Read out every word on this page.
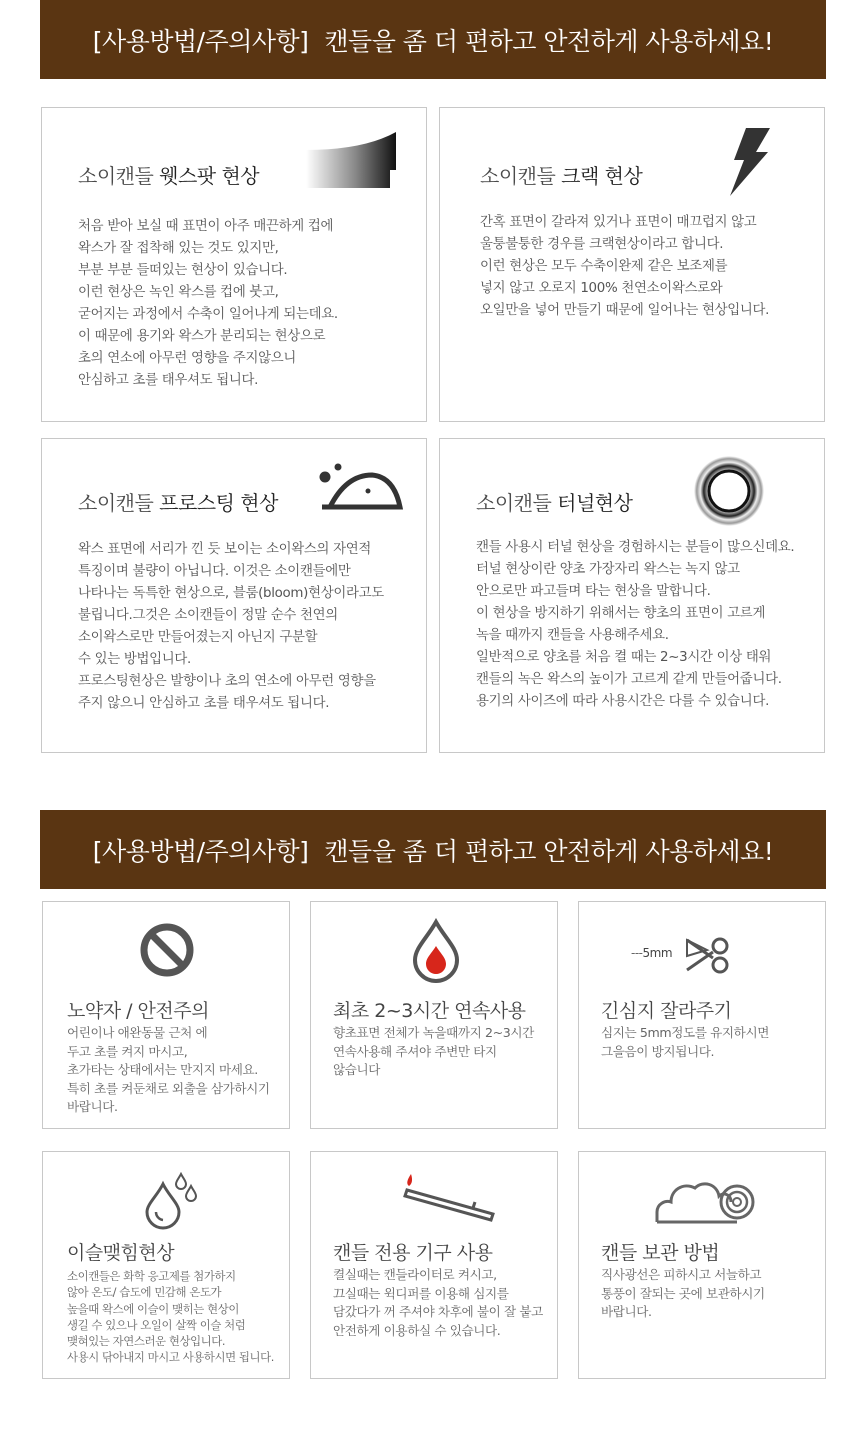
[사용방법/주의사항] 캔들을 좀 더 편하고 안전하게 사용하세요!
소이캔들 웻스팟 현상

처음 받아 보실 때 표면이 아주 매끈하게 컵에

왁스가 잘 접착해 있는 것도 있지만,

부분 부분 들떠있는 현상이 있습니다.

이런 현상은 녹인 왁스를 컵에 붓고,

굳어지는 과정에서 수축이 일어나게 되는데요.

이 때문에 용기와 왁스가 분리되는 현상으로

초의 연소에 아무런 영향을 주지않으니

안심하고 초를 태우셔도 됩니다.

소이캔들 크랙 현상

간혹 표면이 갈라져 있거나 표면이 매끄럽지 않고

울퉁불퉁한 경우를 크랙현상이라고 합니다.

이런 현상은 모두 수축이완제 같은 보조제를

넣지 않고 오로지 100% 천연소이왁스로와

오일만을 넣어 만들기 때문에 일어나는 현상입니다.

소이캔들 프로스팅 현상

왁스 표면에 서리가 낀 듯 보이는 소이왁스의 자연적

특징이며 불량이 아닙니다. 이것은 소이캔들에만

나타나는 독특한 현상으로, 블룸(bloom)현상이라고도

불립니다.그것은 소이캔들이 정말 순수 천연의

소이왁스로만 만들어졌는지 아닌지 구분할

수 있는 방법입니다.

프로스팅현상은 발향이나 초의 연소에 아무런 영향을

주지 않으니 안심하고 초를 태우셔도 됩니다.

소이캔들 터널현상

캔들 사용시 터널 현상을 경험하시는 분들이 많으신데요.

터널 현상이란 양초 가장자리 왁스는 녹지 않고

안으로만 파고들며 타는 현상을 말합니다.

이 현상을 방지하기 위해서는 향초의 표면이 고르게

녹을 때까지 캔들을 사용해주세요.

일반적으로 양초를 처음 켤 때는 2~3시간 이상 태워

캔들의 녹은 왁스의 높이가 고르게 같게 만들어줍니다.

용기의 사이즈에 따라 사용시간은 다를 수 있습니다.

[사용방법/주의사항] 캔들을 좀 더 편하고 안전하게 사용하세요!
노약자 / 안전주의

어린이나 애완동물 근처 에

두고 초를 켜지 마시고,

초가타는 상태에서는 만지지 마세요.

특히 초를 켜둔채로 외출을 삼가하시기

바랍니다.

최초 2~3시간 연속사용

향초표면 전체가 녹을때까지 2~3시간

연속사용해 주셔야 주변만 타지

않습니다

---5mm
긴심지 잘라주기

심지는 5mm정도를 유지하시면

그을음이 방지됩니다.

이슬맺힘현상

소이캔들은 화학 응고제를 첨가하지

않아 온도/ 습도에 민감해 온도가

높을때 왁스에 이슬이 맺히는 현상이

생길 수 있으나 오일이 살짝 이슬 처럼

맺혀있는 자연스러운 현상입니다.

사용시 닦아내지 마시고 사용하시면 됩니다.

캔들 전용 기구 사용

켤실때는 캔들라이터로 켜시고,

끄실때는 윅디퍼를 이용해 심지를

담갔다가 꺼 주셔야 차후에 불이 잘 붙고

안전하게 이용하실 수 있습니다.

캔들 보관 방법

직사광선은 피하시고 서늘하고

통풍이 잘되는 곳에 보관하시기

바랍니다.
